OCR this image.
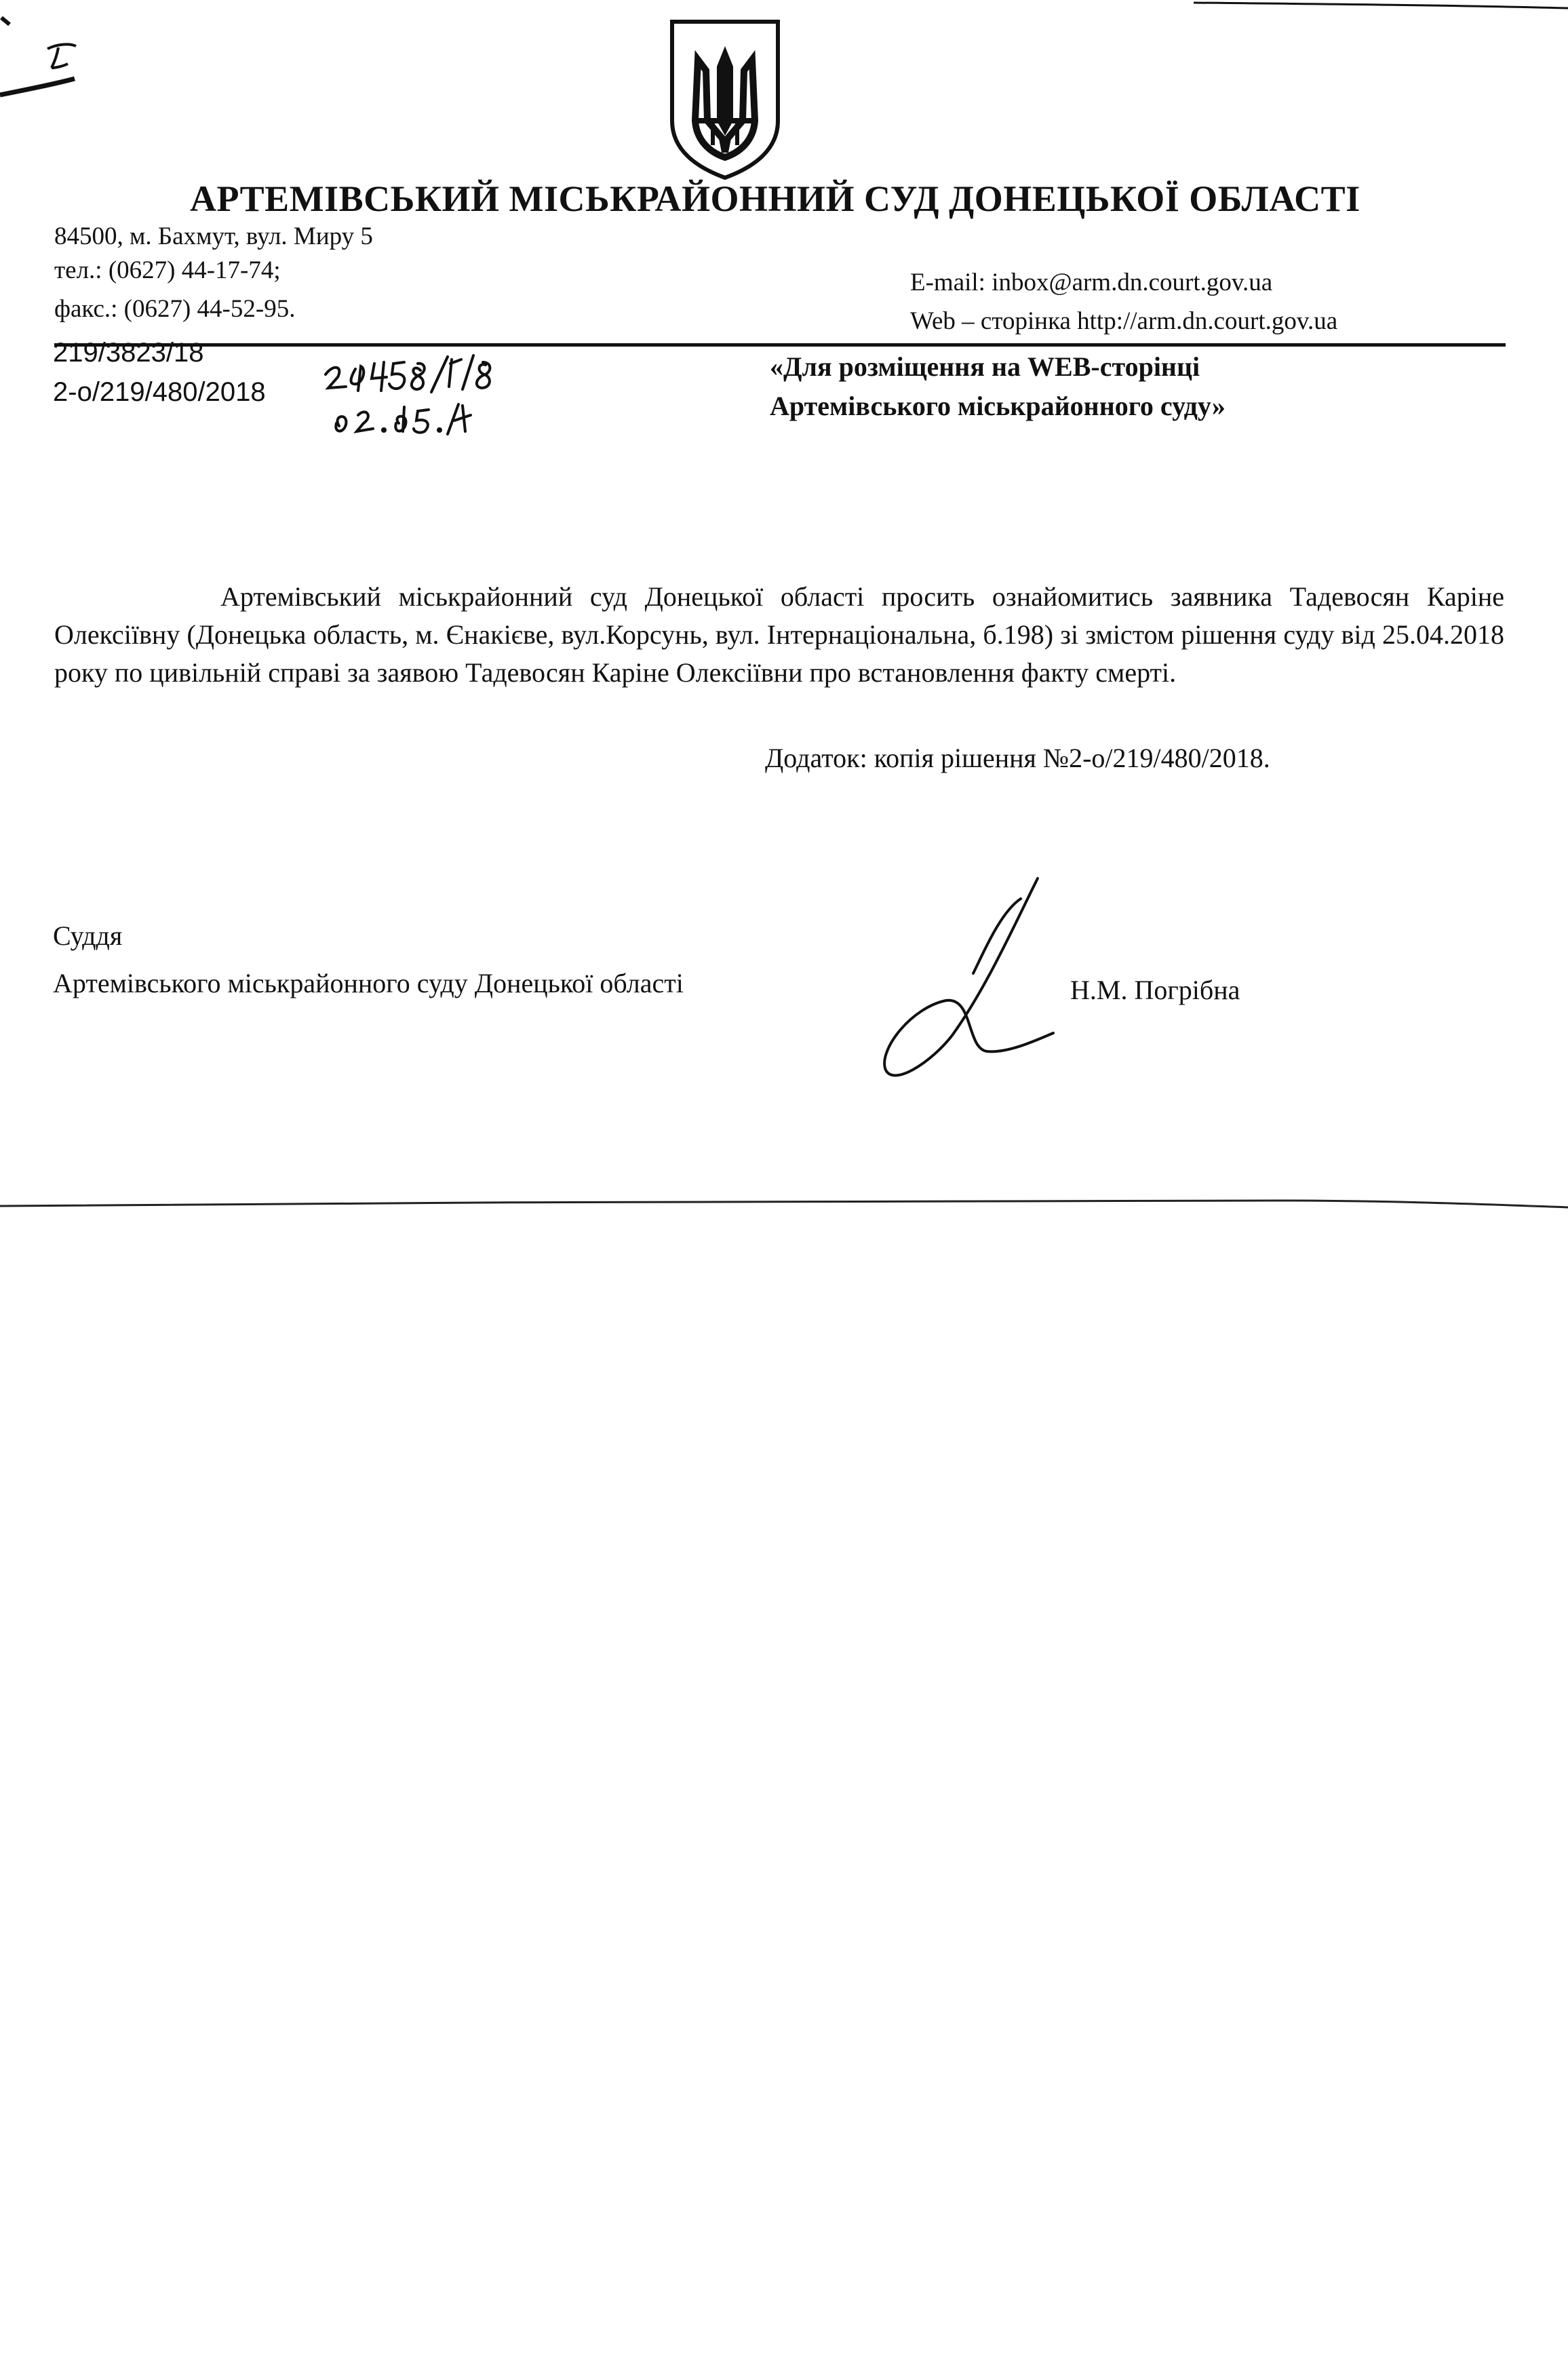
АРТЕМІВСЬКИЙ МІСЬКРАЙОННИЙ СУД ДОНЕЦЬКОЇ ОБЛАСТІ
84500, м. Бахмут, вул. Миру 5
тел.: (0627) 44-17-74;
факс.: (0627) 44-52-95.
E-mail: inbox@arm.dn.court.gov.ua
Web – сторінка http://arm.dn.court.gov.ua
219/3823/18
2-о/219/480/2018
«Для розміщення на WEB-сторінці
Артемівського міськрайонного суду»
Артемівський міськрайонний суд Донецької області просить ознайомитись заявника Тадевосян Каріне Олексіївну (Донецька область, м. Єнакієве, вул.Корсунь, вул. Інтернаціональна, б.198) зі змістом рішення суду від 25.04.2018 року по цивільній справі за заявою Тадевосян Каріне Олексіївни про встановлення факту смерті.
Додаток: копія рішення №2-о/219/480/2018.
Суддя
Артемівського міськрайонного суду Донецької області	Н.М. Погрібна
